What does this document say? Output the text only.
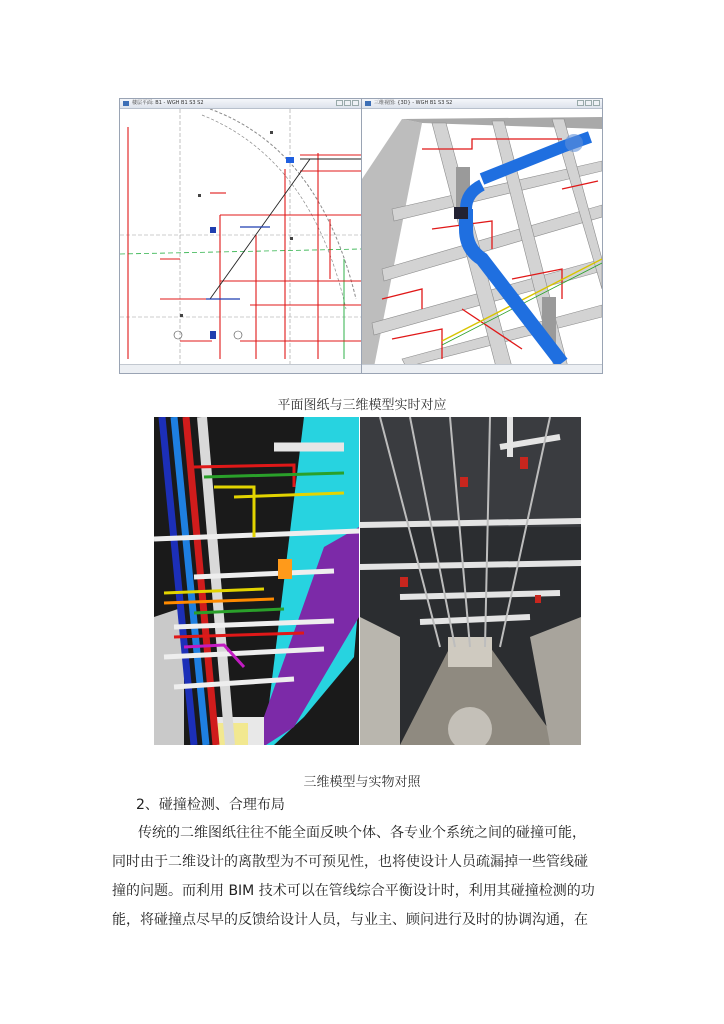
楼层平面: B1 - WGH B1 S3 S2	三维视图: {3D} - WGH B1 S3 S2
平面图纸与三维模型实时对应
三维模型与实物对照

2、碰撞检测、合理布局

传统的二维图纸往往不能全面反映个体、各专业个系统之间的碰撞可能，
同时由于二维设计的离散型为不可预见性，也将使设计人员疏漏掉一些管线碰
撞的问题。而利用 BIM 技术可以在管线综合平衡设计时，利用其碰撞检测的功
能，将碰撞点尽早的反馈给设计人员，与业主、顾问进行及时的协调沟通，在
